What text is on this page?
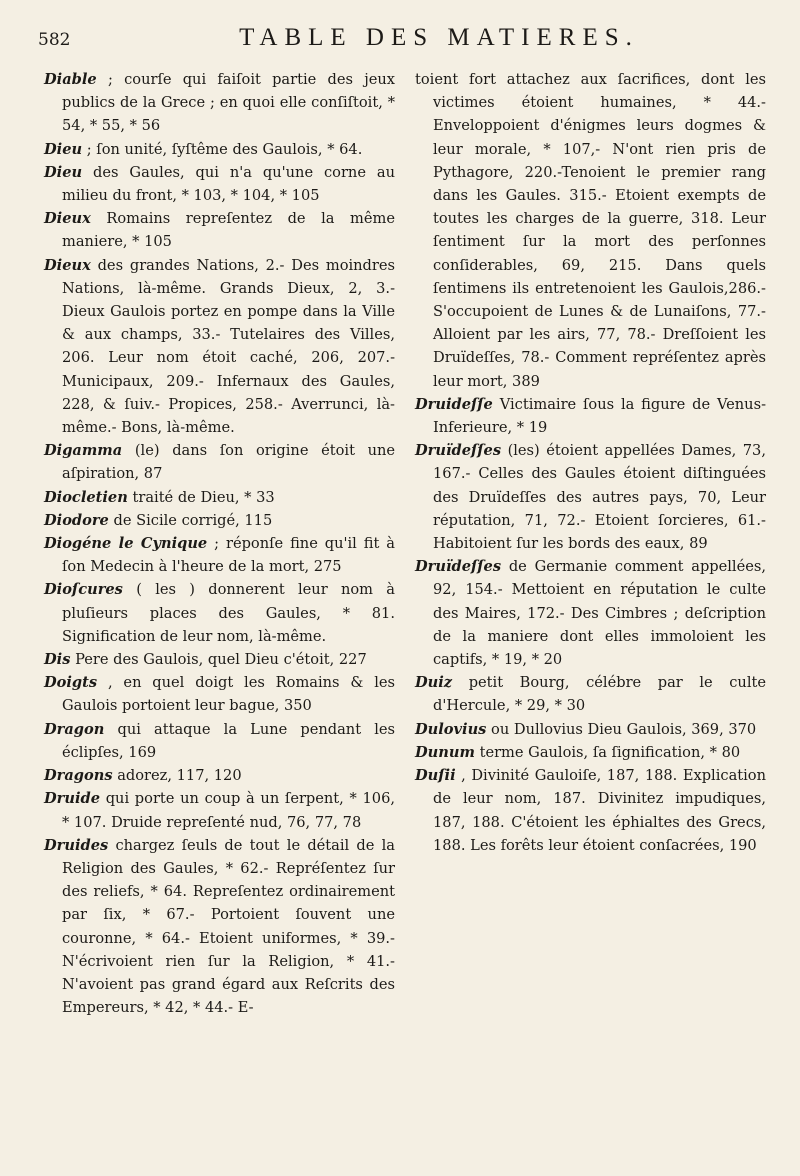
582	TABLE DES MATIERES.

Diable ; courſe qui faiſoit partie des jeux publics de la Grece ; en quoi elle conſiſtoit, * 54, * 55, * 56

Dieu ; ſon unité, ſyſtême des Gaulois, * 64.

Dieu des Gaules, qui n'a qu'une corne au milieu du front, * 103, * 104, * 105

Dieux Romains repreſentez de la même maniere, * 105

Dieux des grandes Nations, 2.- Des moindres Nations, là-même. Grands Dieux, 2, 3.- Dieux Gaulois portez en pompe dans la Ville & aux champs, 33.- Tutelaires des Villes, 206. Leur nom étoit caché, 206, 207.- Municipaux, 209.- Infernaux des Gaules, 228, & ſuiv.- Propices, 258.- Averrunci, là-même.- Bons, là-même.

Digamma (le) dans ſon origine étoit une aſpiration, 87

Diocletien traité de Dieu, * 33

Diodore de Sicile corrigé, 115

Diogéne le Cynique ; réponſe fine qu'il fit à ſon Medecin à l'heure de la mort, 275

Dioſcures ( les ) donnerent leur nom à pluſieurs places des Gaules, * 81. Signification de leur nom, là-même.

Dis Pere des Gaulois, quel Dieu c'étoit, 227

Doigts , en quel doigt les Romains & les Gaulois portoient leur bague, 350

Dragon qui attaque la Lune pendant les éclipſes, 169

Dragons adorez, 117, 120

Druide qui porte un coup à un ſerpent, * 106, * 107. Druide repreſenté nud, 76, 77, 78

Druides chargez ſeuls de tout le détail de la Religion des Gaules, * 62.- Repréſentez ſur des reliefs, * 64. Repreſentez ordinairement par ſix, * 67.- Portoient ſouvent une couronne, * 64.- Etoient uniformes, * 39.- N'écrivoient rien ſur la Religion, * 41.- N'avoient pas grand égard aux Reſcrits des Empereurs, * 42, * 44.- E-

toient fort attachez aux ſacrifices, dont les victimes étoient humaines, * 44.- Enveloppoient d'énigmes leurs dogmes & leur morale, * 107,- N'ont rien pris de Pythagore, 220.-Tenoient le premier rang dans les Gaules. 315.- Etoient exempts de toutes les charges de la guerre, 318. Leur ſentiment ſur la mort des perſonnes conſiderables, 69, 215. Dans quels ſentimens ils entretenoient les Gaulois,286.-S'occupoient de Lunes & de Lunaiſons, 77.- Alloient par les airs, 77, 78.- Dreſſoient les Druïdeſſes, 78.- Comment repréſentez après leur mort, 389

Druideſſe Victimaire ſous la figure de Venus-Inferieure, * 19

Druïdeſſes (les) étoient appellées Dames, 73, 167.- Celles des Gaules étoient diſtinguées des Druïdeſſes des autres pays, 70, Leur réputation, 71, 72.- Etoient ſorcieres, 61.- Habitoient ſur les bords des eaux, 89

Druïdeſſes de Germanie comment appellées, 92, 154.- Mettoient en réputation le culte des Maires, 172.- Des Cimbres ; deſcription de la maniere dont elles immoloient les captifs, * 19, * 20

Duiz petit Bourg, célébre par le culte d'Hercule, * 29, * 30

Dulovius ou Dullovius Dieu Gaulois, 369, 370

Dunum terme Gaulois, ſa ſignification, * 80

Duſii , Divinité Gauloiſe, 187, 188. Explication de leur nom, 187. Divinitez impudiques, 187, 188. C'étoient les éphialtes des Grecs, 188. Les forêts leur étoient conſacrées, 190
